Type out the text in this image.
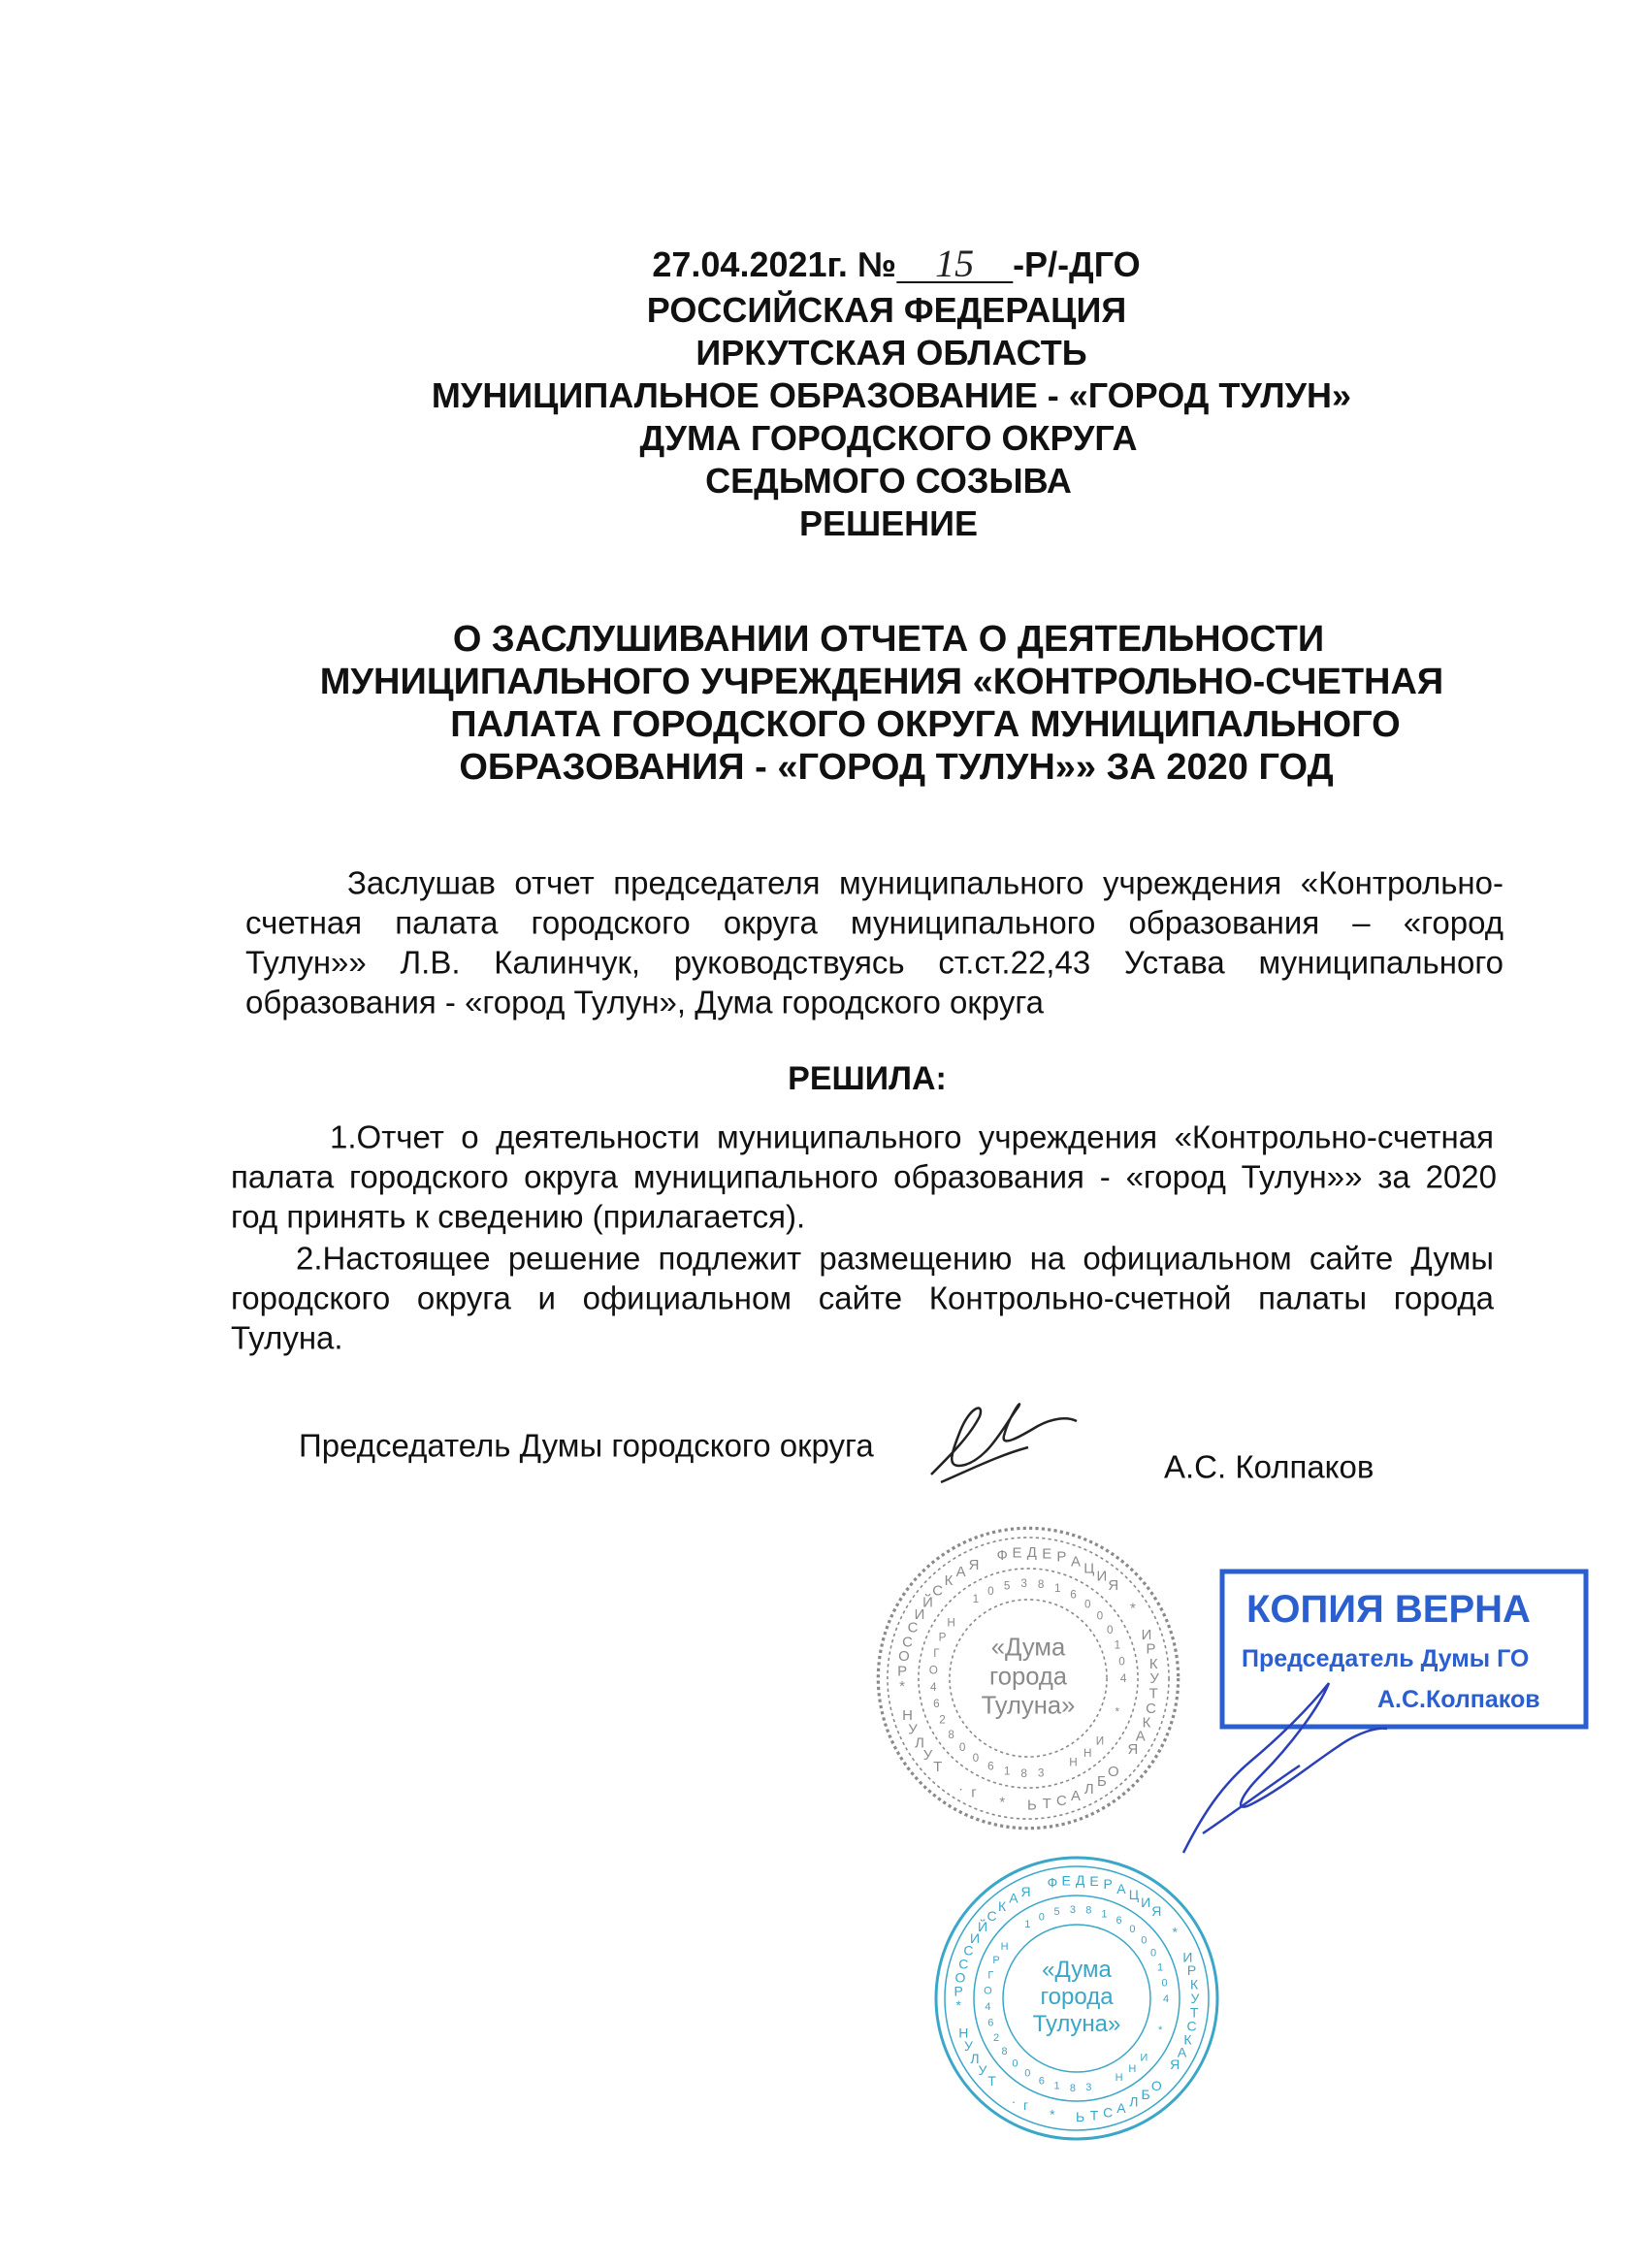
27.04.2021г. № 15 -Р/-ДГО
РОССИЙСКАЯ ФЕДЕРАЦИЯ
ИРКУТСКАЯ ОБЛАСТЬ
МУНИЦИПАЛЬНОЕ ОБРАЗОВАНИЕ - «ГОРОД ТУЛУН»
ДУМА ГОРОДСКОГО ОКРУГА
СЕДЬМОГО СОЗЫВА
РЕШЕНИЕ
О ЗАСЛУШИВАНИИ ОТЧЕТА О ДЕЯТЕЛЬНОСТИ
МУНИЦИПАЛЬНОГО УЧРЕЖДЕНИЯ «КОНТРОЛЬНО-СЧЕТНАЯ
ПАЛАТА ГОРОДСКОГО ОКРУГА МУНИЦИПАЛЬНОГО
ОБРАЗОВАНИЯ - «ГОРОД ТУЛУН»» ЗА 2020 ГОД
Заслушав отчет председателя муниципального учреждения «Контрольно-
счетная палата городского округа муниципального образования – «город
Тулун»» Л.В. Калинчук, руководствуясь ст.ст.22,43 Устава муниципального
образования - «город Тулун», Дума городского округа
РЕШИЛА:
1.Отчет о деятельности муниципального учреждения «Контрольно-счетная
палата городского округа муниципального образования - «город Тулун»» за 2020
год принять к сведению (прилагается).
2.Настоящее решение подлежит размещению на официальном сайте Думы
городского округа и официальном сайте Контрольно-счетной палаты города
Тулуна.
Председатель Думы городского округа
А.С. Колпаков
Р
О
С
С
И
Й
С
К
А Я
Ф Е Д Е Р А Ц И
Я
*
И
Р
К
У
Т
С
К
А
Я
О
Б
Л
А
С
Т
Ь
*
г
.
Т
У
Л
У
Н
*
О
Г
Р
Н
1
0 5 3 8 1
6
0
0
0
1
0
4
*
И
Н
Н
3
8
1
6
0
0
8
2
6
4
«Дума
города
Тулуна»
КОПИЯ ВЕРНА
Председатель Думы ГО
А.С.Колпаков
Р
О
С
С
И
Й
С
К
А Я
Ф Е Д Е Р А Ц И
Я
*
И
Р
К
У
Т
С
К
А
Я
О
Б
Л
А
С
Т
Ь
*
г
.
Т
У
Л
У
Н
*
О
Г
Р
Н
1
0 5 3 8 1
6
0
0
0
1
0
4
*
И
Н
Н
3
8
1
6
0
0
8
2
6
4
«Дума
города
Тулуна»
